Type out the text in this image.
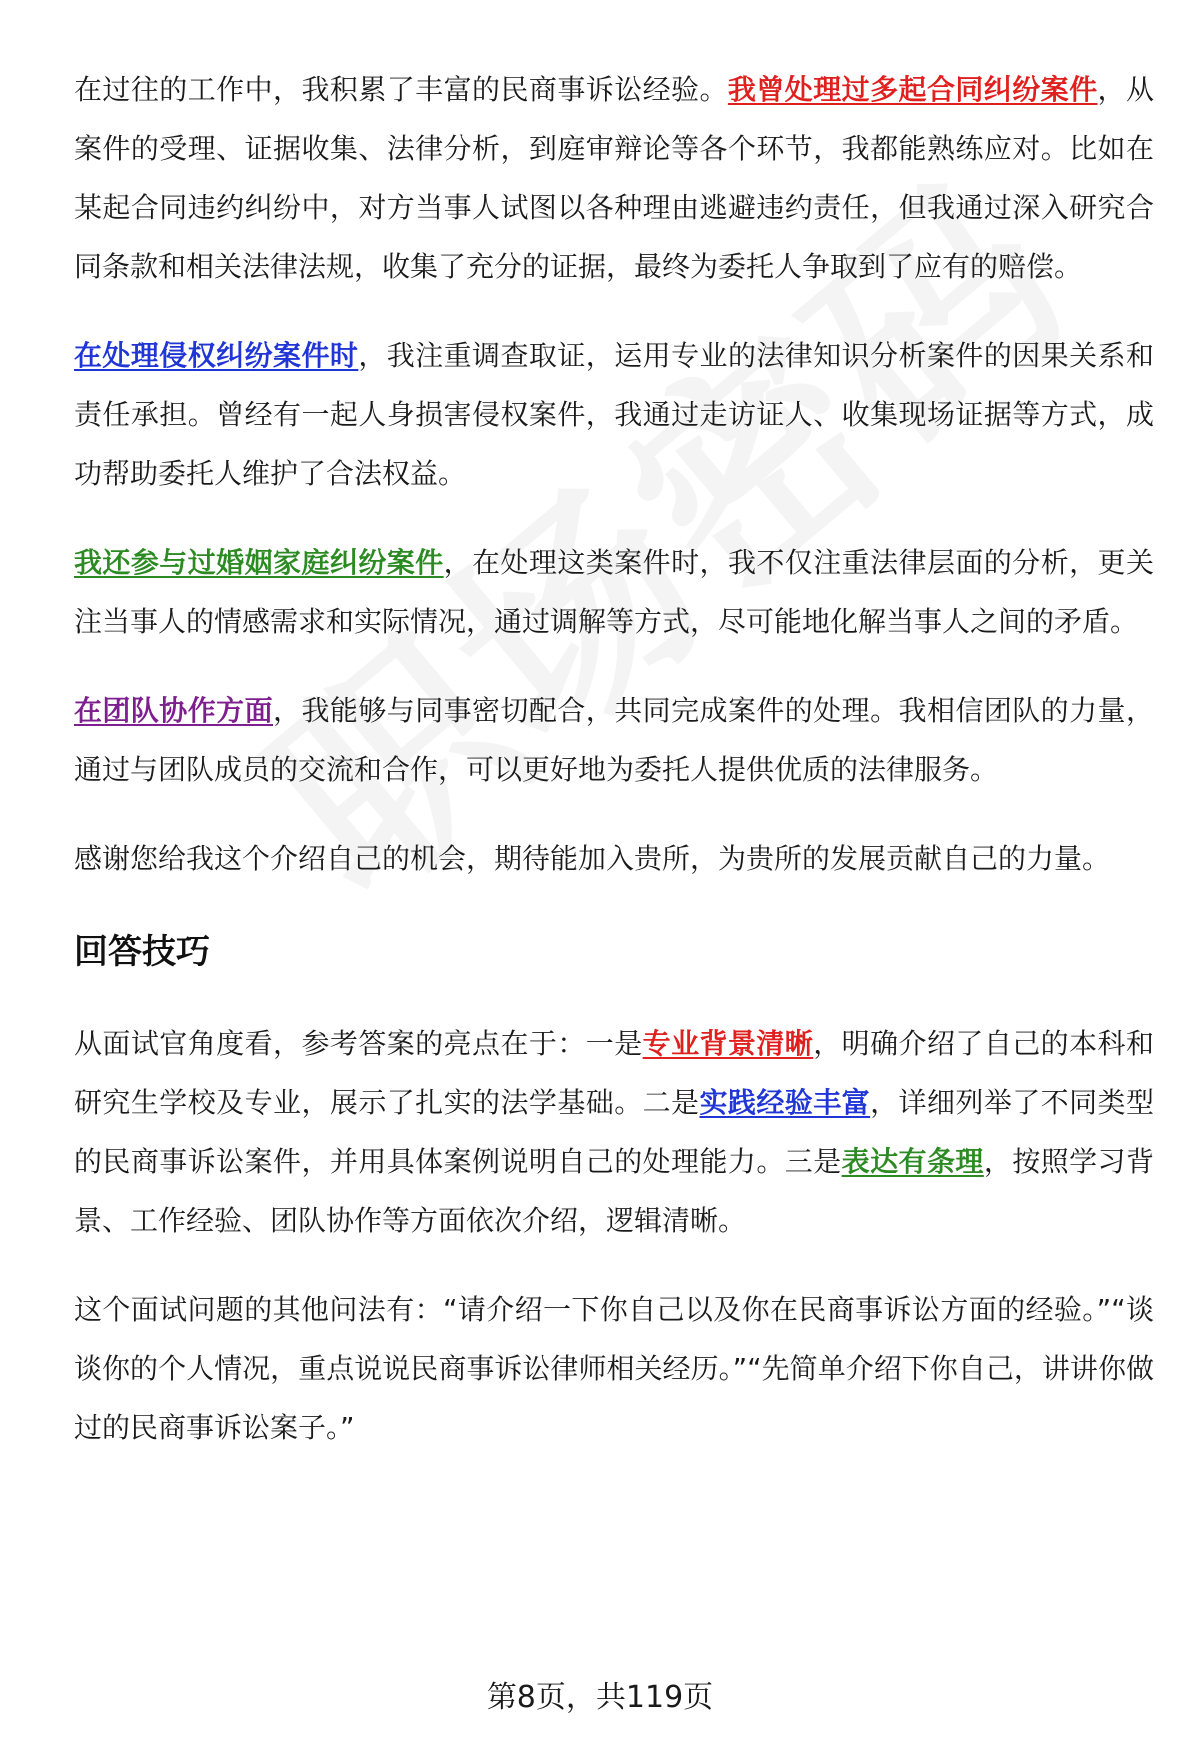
在过往的工作中，我积累了丰富的民商事诉讼经验。我曾处理过多起合同纠纷案件，从案件的受理、证据收集、法律分析，到庭审辩论等各个环节，我都能熟练应对。比如在某起合同违约纠纷中，对方当事人试图以各种理由逃避违约责任，但我通过深入研究合同条款和相关法律法规，收集了充分的证据，最终为委托人争取到了应有的赔偿。

在处理侵权纠纷案件时，我注重调查取证，运用专业的法律知识分析案件的因果关系和责任承担。曾经有一起人身损害侵权案件，我通过走访证人、收集现场证据等方式，成功帮助委托人维护了合法权益。

我还参与过婚姻家庭纠纷案件，在处理这类案件时，我不仅注重法律层面的分析，更关注当事人的情感需求和实际情况，通过调解等方式，尽可能地化解当事人之间的矛盾。

在团队协作方面，我能够与同事密切配合，共同完成案件的处理。我相信团队的力量，通过与团队成员的交流和合作，可以更好地为委托人提供优质的法律服务。

感谢您给我这个介绍自己的机会，期待能加入贵所，为贵所的发展贡献自己的力量。

回答技巧

从面试官角度看，参考答案的亮点在于：一是专业背景清晰，明确介绍了自己的本科和研究生学校及专业，展示了扎实的法学基础。二是实践经验丰富，详细列举了不同类型的民商事诉讼案件，并用具体案例说明自己的处理能力。三是表达有条理，按照学习背景、工作经验、团队协作等方面依次介绍，逻辑清晰。

这个面试问题的其他问法有：“请介绍一下你自己以及你在民商事诉讼方面的经验。”“谈谈你的个人情况，重点说说民商事诉讼律师相关经历。”“先简单介绍下你自己，讲讲你做过的民商事诉讼案子。”

第8页，共119页
